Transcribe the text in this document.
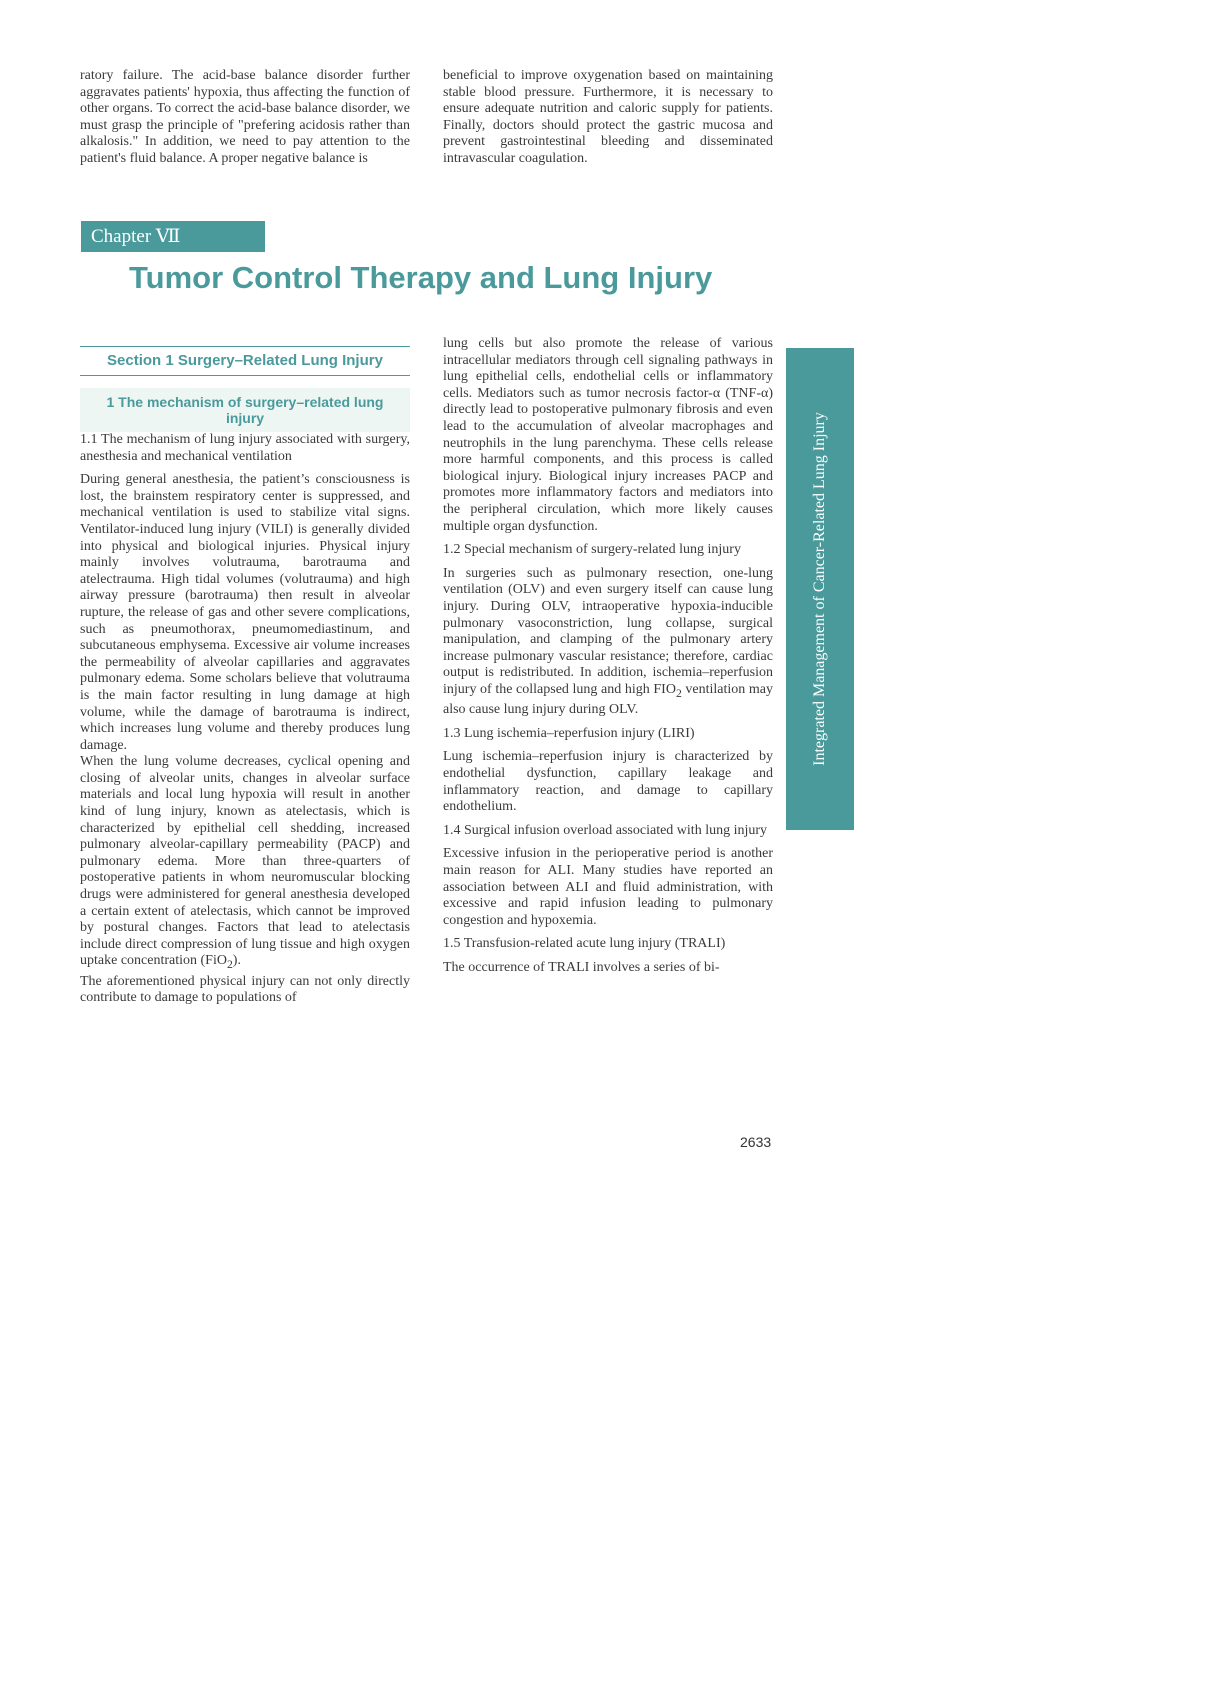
ratory failure. The acid-base balance disorder further aggravates patients' hypoxia, thus affecting the function of other organs. To correct the acid-base balance disorder, we must grasp the principle of "prefering acidosis rather than alkalosis." In addition, we need to pay attention to the patient's fluid balance. A proper negative balance is

beneficial to improve oxygenation based on maintaining stable blood pressure. Furthermore, it is necessary to ensure adequate nutrition and caloric supply for patients. Finally, doctors should protect the gastric mucosa and prevent gastrointestinal bleeding and disseminated intravascular coagulation.

Chapter Ⅶ
Tumor Control Therapy and Lung Injury
Section 1 Surgery–Related Lung Injury
1 The mechanism of surgery–related lung injury

1.1 The mechanism of lung injury associated with surgery, anesthesia and mechanical ventilation

During general anesthesia, the patient’s consciousness is lost, the brainstem respiratory center is suppressed, and mechanical ventilation is used to stabilize vital signs. Ventilator-induced lung injury (VILI) is generally divided into physical and biological injuries. Physical injury mainly involves volutrauma, barotrauma and atelectrauma. High tidal volumes (volutrauma) and high airway pressure (barotrauma) then result in alveolar rupture, the release of gas and other severe complications, such as pneumothorax, pneumomediastinum, and subcutaneous emphysema. Excessive air volume increases the permeability of alveolar capillaries and aggravates pulmonary edema. Some scholars believe that volutrauma is the main factor resulting in lung damage at high volume, while the damage of barotrauma is indirect, which increases lung volume and thereby produces lung damage.

When the lung volume decreases, cyclical opening and closing of alveolar units, changes in alveolar surface materials and local lung hypoxia will result in another kind of lung injury, known as atelectasis, which is characterized by epithelial cell shedding, increased pulmonary alveolar-capillary permeability (PACP) and pulmonary edema. More than three-quarters of postoperative patients in whom neuromuscular blocking drugs were administered for general anesthesia developed a certain extent of atelectasis, which cannot be improved by postural changes. Factors that lead to atelectasis include direct compression of lung tissue and high oxygen uptake concentration (FiO$_2$).

The aforementioned physical injury can not only directly contribute to damage to populations of

lung cells but also promote the release of various intracellular mediators through cell signaling pathways in lung epithelial cells, endothelial cells or inflammatory cells. Mediators such as tumor necrosis factor-α (TNF-α) directly lead to postoperative pulmonary fibrosis and even lead to the accumulation of alveolar macrophages and neutrophils in the lung parenchyma. These cells release more harmful components, and this process is called biological injury. Biological injury increases PACP and promotes more inflammatory factors and mediators into the peripheral circulation, which more likely causes multiple organ dysfunction.

1.2 Special mechanism of surgery-related lung injury

In surgeries such as pulmonary resection, one-lung ventilation (OLV) and even surgery itself can cause lung injury. During OLV, intraoperative hypoxia-inducible pulmonary vasoconstriction, lung collapse, surgical manipulation, and clamping of the pulmonary artery increase pulmonary vascular resistance; therefore, cardiac output is redistributed. In addition, ischemia–reperfusion injury of the collapsed lung and high $FIO_2$ ventilation may also cause lung injury during OLV.

1.3 Lung ischemia–reperfusion injury (LIRI)

Lung ischemia–reperfusion injury is characterized by endothelial dysfunction, capillary leakage and inflammatory reaction, and damage to capillary endothelium.

1.4 Surgical infusion overload associated with lung injury

Excessive infusion in the perioperative period is another main reason for ALI. Many studies have reported an association between ALI and fluid administration, with excessive and rapid infusion leading to pulmonary congestion and hypoxemia.

1.5 Transfusion-related acute lung injury (TRALI)

The occurrence of TRALI involves a series of bi-

Integrated Management of Cancer-Related Lung Injury
2633
